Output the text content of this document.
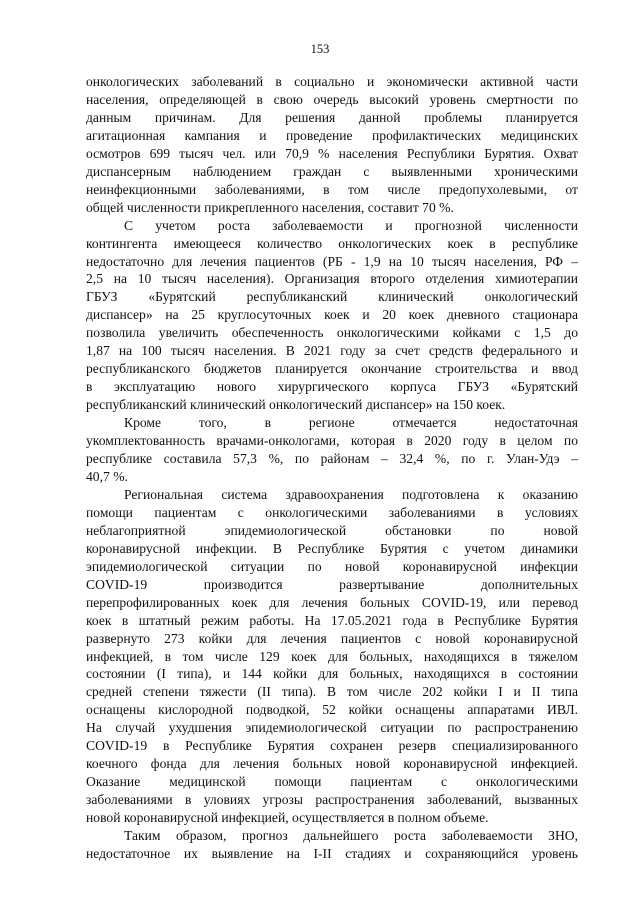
153
онкологических заболеваний в социально и экономически активной части
населения, определяющей в свою очередь высокий уровень смертности по
данным причинам. Для решения данной проблемы планируется
агитационная кампания и проведение профилактических медицинских
осмотров 699 тысяч чел. или 70,9 % населения Республики Бурятия. Охват
диспансерным наблюдением граждан с выявленными хроническими
неинфекционными заболеваниями, в том числе предопухолевыми, от
общей численности прикрепленного населения, составит 70 %.
С учетом роста заболеваемости и прогнозной численности
контингента имеющееся количество онкологических коек в республике
недостаточно для лечения пациентов (РБ - 1,9 на 10 тысяч населения, РФ –
2,5 на 10 тысяч населения). Организация второго отделения химиотерапии
ГБУЗ «Бурятский республиканский клинический онкологический
диспансер» на 25 круглосуточных коек и 20 коек дневного стационара
позволила увеличить обеспеченность онкологическими койками с 1,5 до
1,87 на 100 тысяч населения. В 2021 году за счет средств федерального и
республиканского бюджетов планируется окончание строительства и ввод
в эксплуатацию нового хирургического корпуса ГБУЗ «Бурятский
республиканский клинический онкологический диспансер» на 150 коек.
Кроме того, в регионе отмечается недостаточная
укомплектованность врачами-онкологами, которая в 2020 году в целом по
республике составила 57,3 %, по районам – 32,4 %, по г. Улан-Удэ –
40,7 %.
Региональная система здравоохранения подготовлена к оказанию
помощи пациентам с онкологическими заболеваниями в условиях
неблагоприятной эпидемиологической обстановки по новой
коронавирусной инфекции. В Республике Бурятия с учетом динамики
эпидемиологической ситуации по новой коронавирусной инфекции
COVID-19 производится развертывание дополнительных
перепрофилированных коек для лечения больных COVID-19, или перевод
коек в штатный режим работы. На 17.05.2021 года в Республике Бурятия
развернуто 273 койки для лечения пациентов с новой коронавирусной
инфекцией, в том числе 129 коек для больных, находящихся в тяжелом
состоянии (I типа), и 144 койки для больных, находящихся в состоянии
средней степени тяжести (II типа). В том числе 202 койки I и II типа
оснащены кислородной подводкой, 52 койки оснащены аппаратами ИВЛ.
На случай ухудшения эпидемиологической ситуации по распространению
COVID-19 в Республике Бурятия сохранен резерв специализированного
коечного фонда для лечения больных новой коронавирусной инфекцией.
Оказание медицинской помощи пациентам с онкологическими
заболеваниями в уловиях угрозы распространения заболеваний, вызванных
новой коронавирусной инфекцией, осуществляется в полном объеме.
Таким образом, прогноз дальнейшего роста заболеваемости ЗНО,
недостаточное их выявление на I-II стадиях и сохраняющийся уровень
